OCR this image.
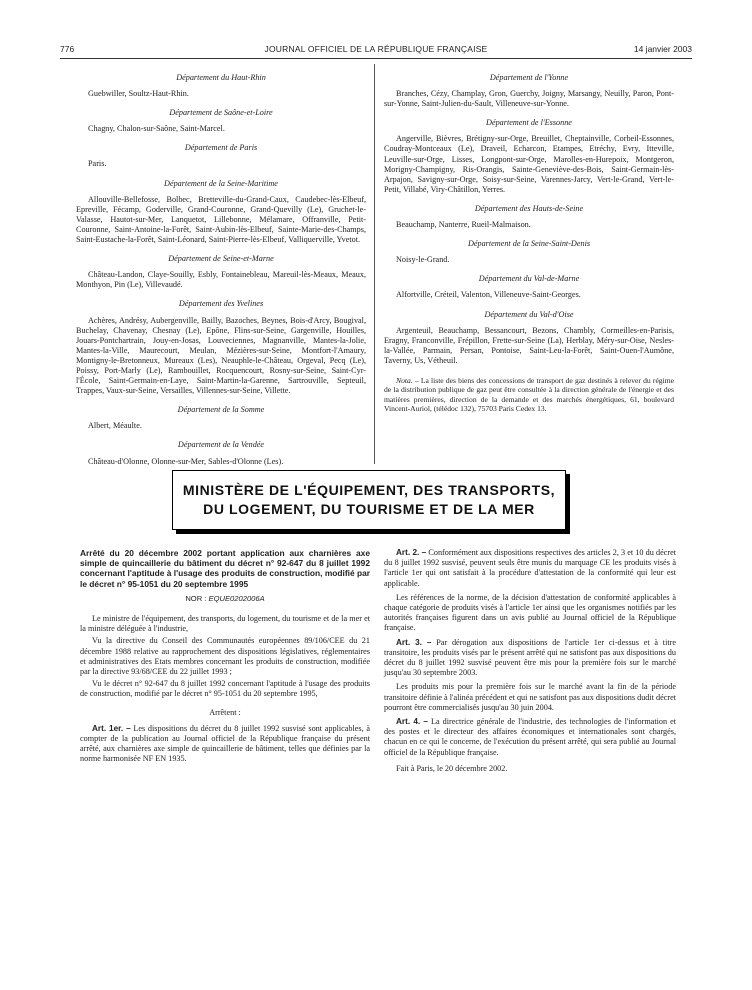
776	JOURNAL OFFICIEL DE LA RÉPUBLIQUE FRANÇAISE	14 janvier 2003
Département du Haut-Rhin

Guebwiller, Soultz-Haut-Rhin.

Département de Saône-et-Loire

Chagny, Chalon-sur-Saône, Saint-Marcel.

Département de Paris

Paris.

Département de la Seine-Maritime

Allouville-Bellefosse, Bolbec, Bretteville-du-Grand-Caux, Caudebec-lès-Elbeuf, Epreville, Fécamp, Goderville, Grand-Couronne, Grand-Quevilly (Le), Gruchet-le-Valasse, Hautot-sur-Mer, Lanquetot, Lillebonne, Mélamare, Offranville, Petit-Couronne, Saint-Antoine-la-Forêt, Saint-Aubin-lès-Elbeuf, Sainte-Marie-des-Champs, Saint-Eustache-la-Forêt, Saint-Léonard, Saint-Pierre-lès-Elbeuf, Valliquerville, Yvetot.

Département de Seine-et-Marne

Château-Landon, Claye-Souilly, Esbly, Fontainebleau, Mareuil-lès-Meaux, Meaux, Monthyon, Pin (Le), Villevaudé.

Département des Yvelines

Achères, Andrésy, Aubergenville, Bailly, Bazoches, Beynes, Bois-d'Arcy, Bougival, Buchelay, Chavenay, Chesnay (Le), Epône, Flins-sur-Seine, Gargenville, Houilles, Jouars-Pontchartrain, Jouy-en-Josas, Louveciennes, Magnanville, Mantes-la-Jolie, Mantes-la-Ville, Maurecourt, Meulan, Mézières-sur-Seine, Montfort-l'Amaury, Montigny-le-Bretonneux, Mureaux (Les), Neauphle-le-Château, Orgeval, Pecq (Le), Poissy, Port-Marly (Le), Rambouillet, Rocquencourt, Rosny-sur-Seine, Saint-Cyr-l'École, Saint-Germain-en-Laye, Saint-Martin-la-Garenne, Sartrouville, Septeuil, Trappes, Vaux-sur-Seine, Versailles, Villennes-sur-Seine, Villette.

Département de la Somme

Albert, Méaulte.

Département de la Vendée

Château-d'Olonne, Olonne-sur-Mer, Sables-d'Olonne (Les).

Département de l'Yonne

Branches, Cézy, Champlay, Gron, Guerchy, Joigny, Marsangy, Neuilly, Paron, Pont-sur-Yonne, Saint-Julien-du-Sault, Villeneuve-sur-Yonne.

Département de l'Essonne

Angerville, Bièvres, Brétigny-sur-Orge, Breuillet, Cheptainville, Corbeil-Essonnes, Coudray-Montceaux (Le), Draveil, Echarcon, Etampes, Etréchy, Evry, Itteville, Leuville-sur-Orge, Lisses, Longpont-sur-Orge, Marolles-en-Hurepoix, Montgeron, Morigny-Champigny, Ris-Orangis, Sainte-Geneviève-des-Bois, Saint-Germain-lès-Arpajon, Savigny-sur-Orge, Soisy-sur-Seine, Varennes-Jarcy, Vert-le-Grand, Vert-le-Petit, Villabé, Viry-Châtillon, Yerres.

Département des Hauts-de-Seine

Beauchamp, Nanterre, Rueil-Malmaison.

Département de la Seine-Saint-Denis

Noisy-le-Grand.

Département du Val-de-Marne

Alfortville, Créteil, Valenton, Villeneuve-Saint-Georges.

Département du Val-d'Oise

Argenteuil, Beauchamp, Bessancourt, Bezons, Chambly, Cormeilles-en-Parisis, Eragny, Franconville, Frépillon, Frette-sur-Seine (La), Herblay, Méry-sur-Oise, Nesles-la-Vallée, Parmain, Persan, Pontoise, Saint-Leu-la-Forêt, Saint-Ouen-l'Aumône, Taverny, Us, Vétheuil.

Nota. – La liste des biens des concessions de transport de gaz destinés à relever du régime de la distribution publique de gaz peut être consultée à la direction générale de l'énergie et des matières premières, direction de la demande et des marchés énergétiques, 61, boulevard Vincent-Auriol, (télédoc 132), 75703 Paris Cedex 13.
MINISTÈRE DE L'ÉQUIPEMENT, DES TRANSPORTS,
DU LOGEMENT, DU TOURISME ET DE LA MER

Arrêté du 20 décembre 2002 portant application aux charnières axe simple de quincaillerie du bâtiment du décret n° 92-647 du 8 juillet 1992 concernant l'aptitude à l'usage des produits de construction, modifié par le décret n° 95-1051 du 20 septembre 1995

NOR : EQUE0202006A

Le ministre de l'équipement, des transports, du logement, du tourisme et de la mer et la ministre déléguée à l'industrie,

Vu la directive du Conseil des Communautés européennes 89/106/CEE du 21 décembre 1988 relative au rapprochement des dispositions législatives, réglementaires et administratives des Etats membres concernant les produits de construction, modifiée par la directive 93/68/CEE du 22 juillet 1993 ;

Vu le décret n° 92-647 du 8 juillet 1992 concernant l'aptitude à l'usage des produits de construction, modifié par le décret n° 95-1051 du 20 septembre 1995,

Arrêtent :

Art. 1er. – Les dispositions du décret du 8 juillet 1992 susvisé sont applicables, à compter de la publication au Journal officiel de la République française du présent arrêté, aux charnières axe simple de quincaillerie de bâtiment, telles que définies par la norme harmonisée NF EN 1935.

Art. 2. – Conformément aux dispositions respectives des articles 2, 3 et 10 du décret du 8 juillet 1992 susvisé, peuvent seuls être munis du marquage CE les produits visés à l'article 1er qui ont satisfait à la procédure d'attestation de la conformité qui leur est applicable.

Les références de la norme, de la décision d'attestation de conformité applicables à chaque catégorie de produits visés à l'article 1er ainsi que les organismes notifiés par les autorités françaises figurent dans un avis publié au Journal officiel de la République française.

Art. 3. – Par dérogation aux dispositions de l'article 1er ci-dessus et à titre transitoire, les produits visés par le présent arrêté qui ne satisfont pas aux dispositions du décret du 8 juillet 1992 susvisé peuvent être mis pour la première fois sur le marché jusqu'au 30 septembre 2003.

Les produits mis pour la première fois sur le marché avant la fin de la période transitoire définie à l'alinéa précédent et qui ne satisfont pas aux dispositions dudit décret pourront être commercialisés jusqu'au 30 juin 2004.

Art. 4. – La directrice générale de l'industrie, des technologies de l'information et des postes et le directeur des affaires économiques et internationales sont chargés, chacun en ce qui le concerne, de l'exécution du présent arrêté, qui sera publié au Journal officiel de la République française.

Fait à Paris, le 20 décembre 2002.
